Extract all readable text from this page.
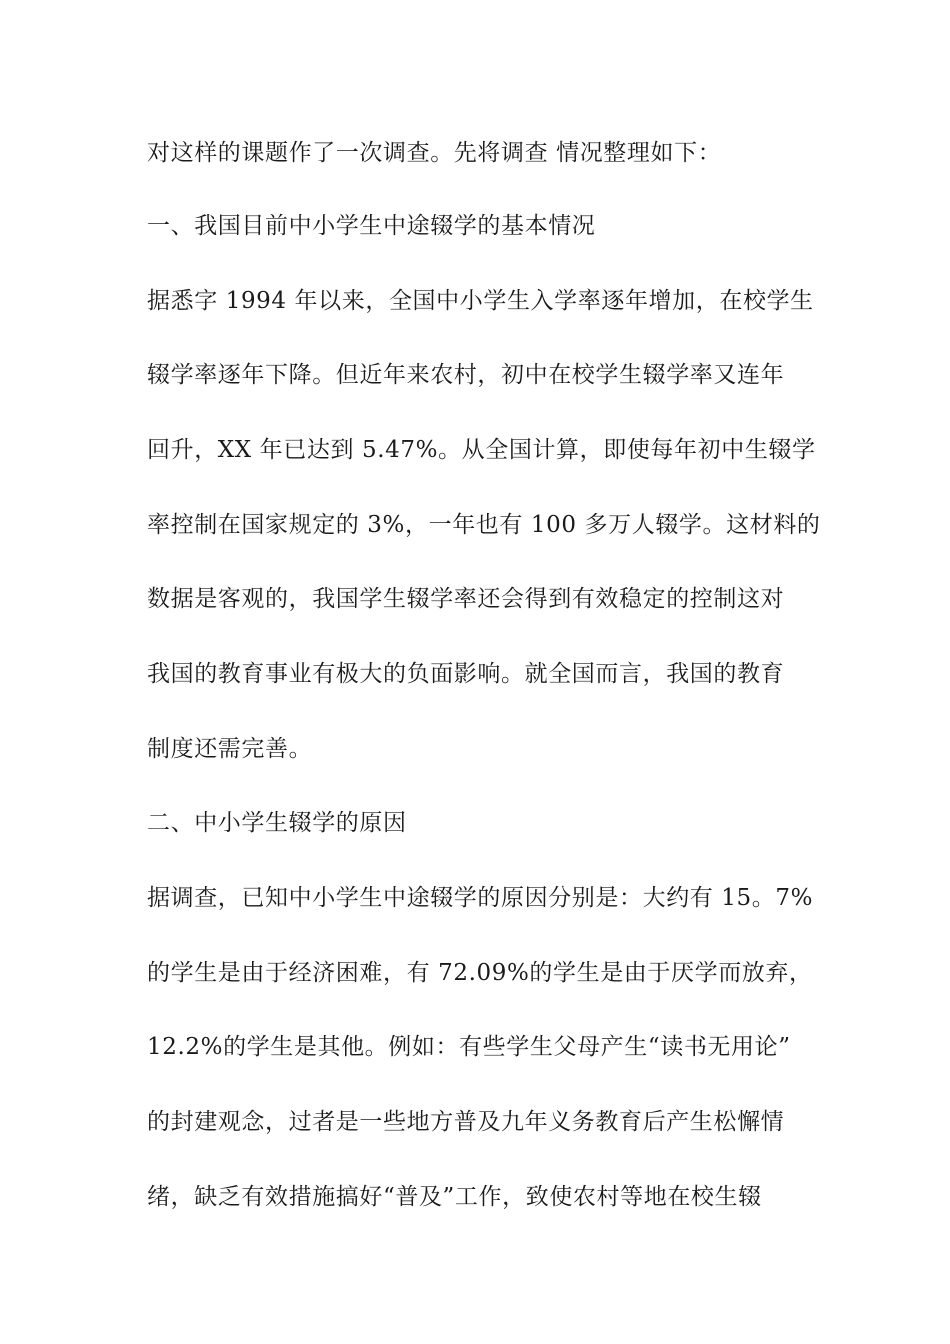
对这样的课题作了一次调查。先将调查 情况整理如下：
一、我国目前中小学生中途辍学的基本情况
据悉字 1994 年以来，全国中小学生入学率逐年增加，在校学生
辍学率逐年下降。但近年来农村，初中在校学生辍学率又连年
回升，XX 年已达到 5.47%。从全国计算，即使每年初中生辍学
率控制在国家规定的 3%，一年也有 100 多万人辍学。这材料的
数据是客观的，我国学生辍学率还会得到有效稳定的控制这对
我国的教育事业有极大的负面影响。就全国而言，我国的教育
制度还需完善。
二、中小学生辍学的原因
据调查，已知中小学生中途辍学的原因分别是：大约有 15。7%
的学生是由于经济困难，有 72.09%的学生是由于厌学而放弃，
12.2%的学生是其他。例如：有些学生父母产生“读书无用论”
的封建观念，过者是一些地方普及九年义务教育后产生松懈情
绪，缺乏有效措施搞好“普及”工作，致使农村等地在校生辍
